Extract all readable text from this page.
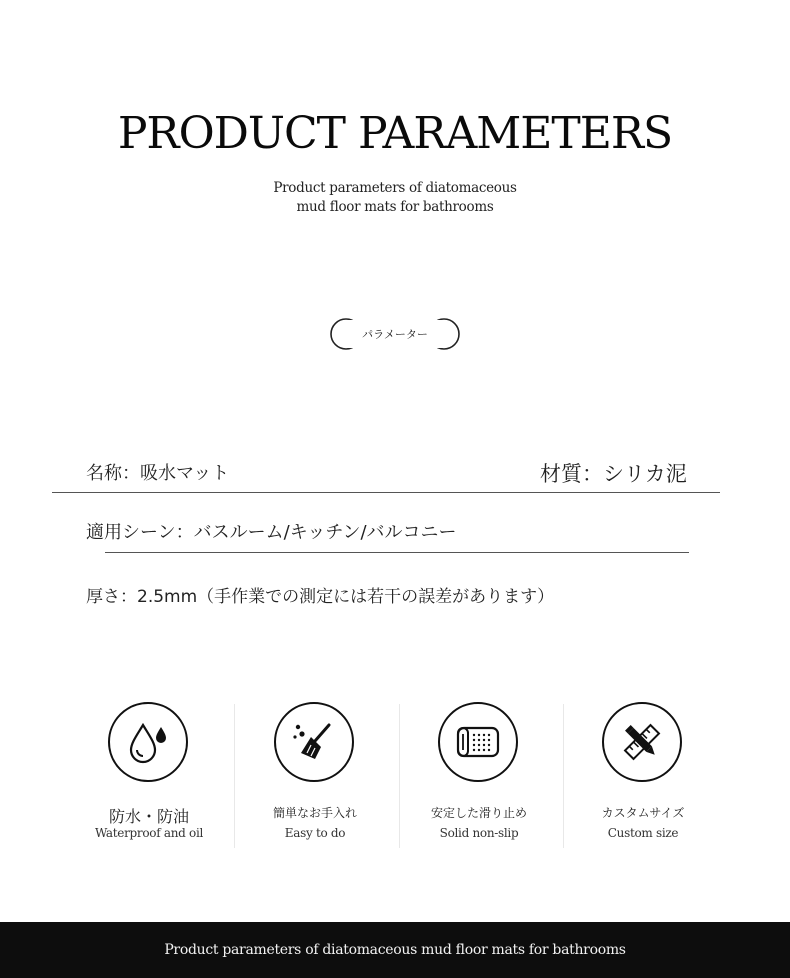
PRODUCT PARAMETERS
Product parameters of diatomaceous
mud floor mats for bathrooms
パラメーター
名称：吸水マット	材質：シリカ泥
適用シーン：バスルーム/キッチン/バルコニー
厚さ：2.5mm（手作業での測定には若干の誤差があります）
防水・防油
Waterproof and oil
簡単なお手入れ
Easy to do
安定した滑り止め
Solid non-slip
カスタムサイズ
Custom size
Product parameters of diatomaceous mud floor mats for bathrooms
